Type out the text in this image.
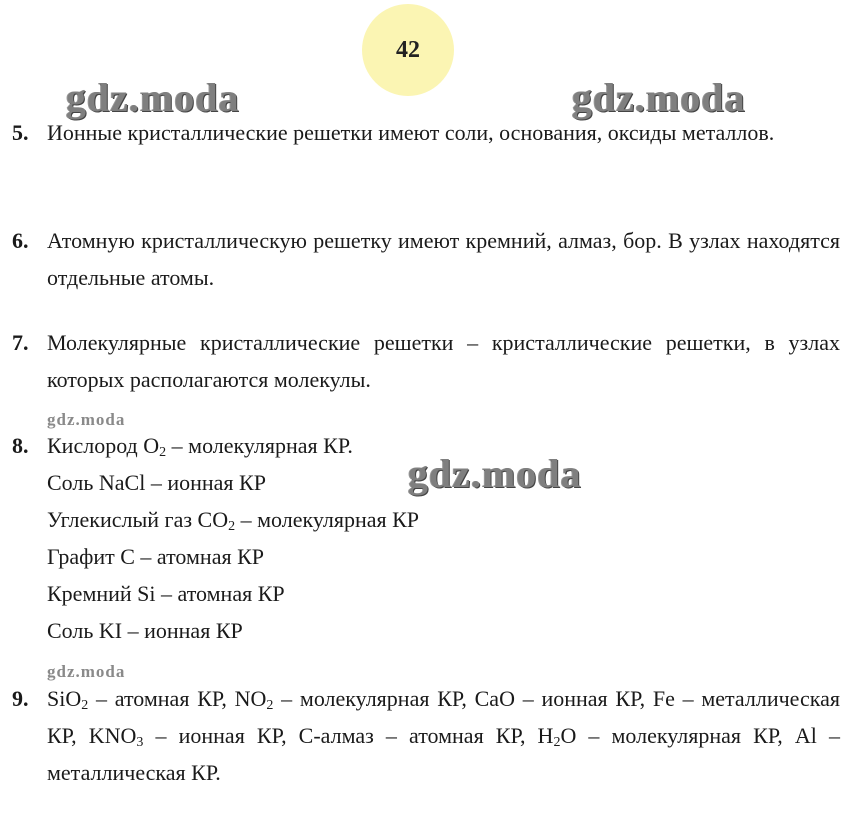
42
gdz.moda	gdz.moda
gdz.moda
gdz.moda
gdz.moda
5. Ионные кристаллические решетки имеют соли, основания, оксиды металлов.
6. Атомную кристаллическую решетку имеют кремний, алмаз, бор. В узлах находятся отдельные атомы.
7. Молекулярные кристаллические решетки – кристаллические решетки, в узлах которых располагаются молекулы.
8. Кислород $O_2$ – молекулярная КР.
Соль NaCl – ионная КР
Углекислый газ $CO_2$ – молекулярная КР
Графит C – атомная КР
Кремний Si – атомная КР
Соль KI – ионная КР
9. SiO$_2$ – атомная КР, $NO_2$ – молекулярная КР, CaO – ионная КР, Fe – металлическая КР, $KNO_3$ – ионная КР, C-алмаз – атомная КР, $H_2O$ – молекулярная КР, Al – металлическая КР.
